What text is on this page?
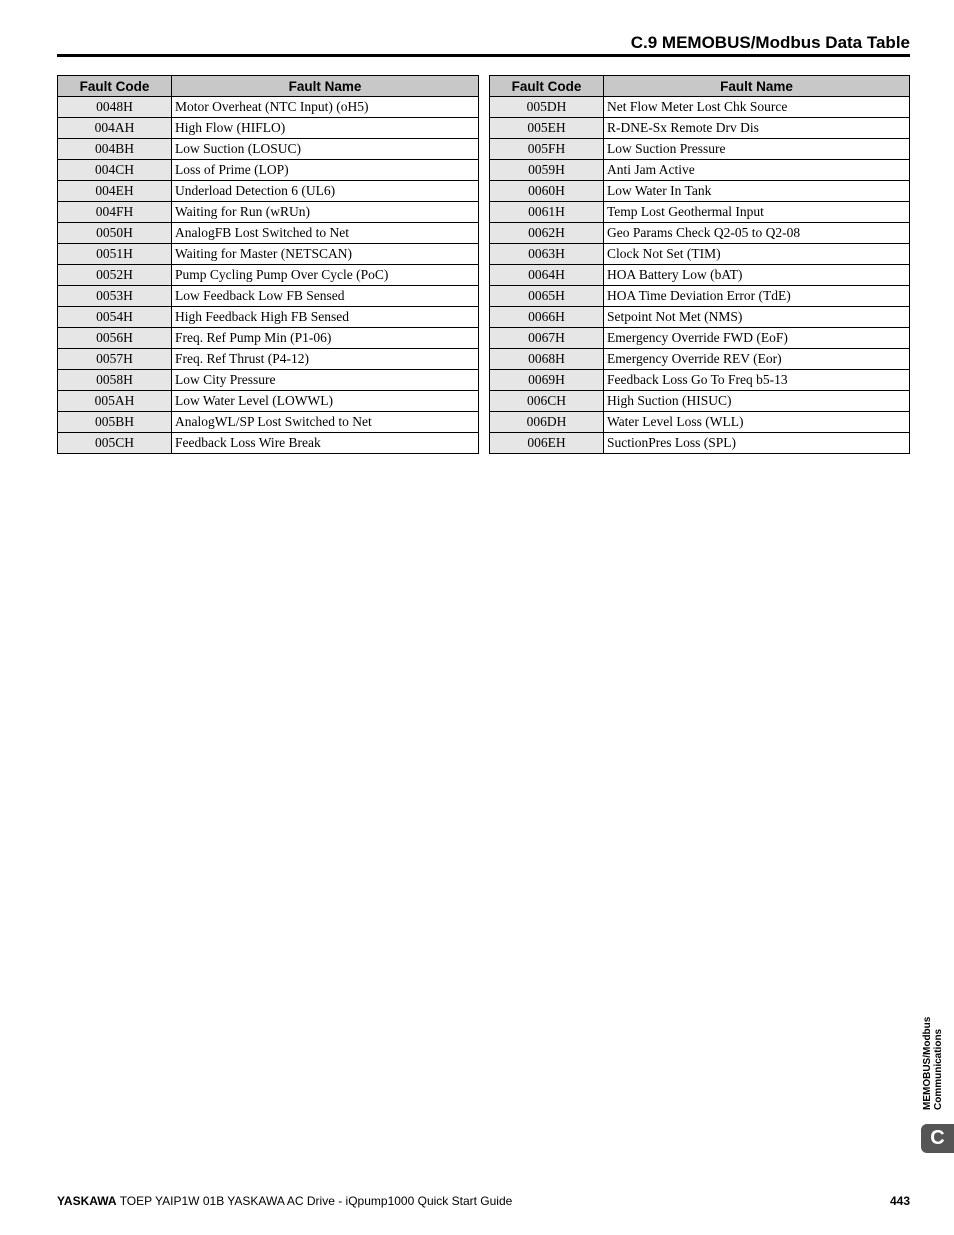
C.9 MEMOBUS/Modbus Data Table
Fault Code	Fault Name
0048H	Motor Overheat (NTC Input) (oH5)
004AH	High Flow (HIFLO)
004BH	Low Suction (LOSUC)
004CH	Loss of Prime (LOP)
004EH	Underload Detection 6 (UL6)
004FH	Waiting for Run (wRUn)
0050H	AnalogFB Lost Switched to Net
0051H	Waiting for Master (NETSCAN)
0052H	Pump Cycling Pump Over Cycle (PoC)
0053H	Low Feedback Low FB Sensed
0054H	High Feedback High FB Sensed
0056H	Freq. Ref Pump Min (P1-06)
0057H	Freq. Ref Thrust (P4-12)
0058H	Low City Pressure
005AH	Low Water Level (LOWWL)
005BH	AnalogWL/SP Lost Switched to Net
005CH	Feedback Loss Wire Break
Fault Code	Fault Name
005DH	Net Flow Meter Lost Chk Source
005EH	R-DNE-Sx Remote Drv Dis
005FH	Low Suction Pressure
0059H	Anti Jam Active
0060H	Low Water In Tank
0061H	Temp Lost Geothermal Input
0062H	Geo Params Check Q2-05 to Q2-08
0063H	Clock Not Set (TIM)
0064H	HOA Battery Low (bAT)
0065H	HOA Time Deviation Error (TdE)
0066H	Setpoint Not Met (NMS)
0067H	Emergency Override FWD (EoF)
0068H	Emergency Override REV (Eor)
0069H	Feedback Loss Go To Freq b5-13
006CH	High Suction (HISUC)
006DH	Water Level Loss (WLL)
006EH	SuctionPres Loss (SPL)
MEMOBUS/Modbus Communications
C
YASKAWA TOEP YAIP1W 01B YASKAWA AC Drive - iQpump1000 Quick Start Guide	443
